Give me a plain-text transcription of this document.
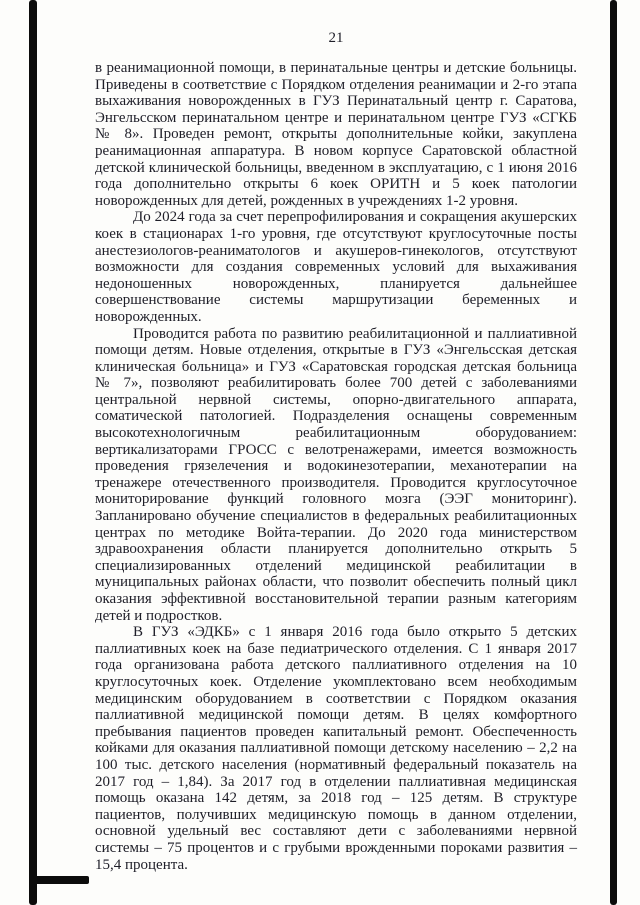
21

в реанимационной помощи, в перинатальные центры и детские больницы. Приведены в соответствие с Порядком отделения реанимации и 2-го этапа выхаживания новорожденных в ГУЗ Перинатальный центр г. Саратова, Энгельсском перинатальном центре и перинатальном центре ГУЗ «СГКБ № 8». Проведен ремонт, открыты дополнительные койки, закуплена реанимационная аппаратура. В новом корпусе Саратовской областной детской клинической больницы, введенном в эксплуатацию, с 1 июня 2016 года дополнительно открыты 6 коек ОРИТН и 5 коек патологии новорожденных для детей, рожденных в учреждениях 1-2 уровня.

До 2024 года за счет перепрофилирования и сокращения акушерских коек в стационарах 1-го уровня, где отсутствуют круглосуточные посты анестезиологов-реаниматологов и акушеров-гинекологов, отсутствуют возможности для создания современных условий для выхаживания недоношенных новорожденных, планируется дальнейшее совершенствование системы маршрутизации беременных и новорожденных.

Проводится работа по развитию реабилитационной и паллиативной помощи детям. Новые отделения, открытые в ГУЗ «Энгельсская детская клиническая больница» и ГУЗ «Саратовская городская детская больница № 7», позволяют реабилитировать более 700 детей с заболеваниями центральной нервной системы, опорно-двигательного аппарата, соматической патологией. Подразделения оснащены современным высокотехнологичным реабилитационным оборудованием: вертикализаторами ГРОСС с велотренажерами, имеется возможность проведения грязелечения и водокинезотерапии, механотерапии на тренажере отечественного производителя. Проводится круглосуточное мониторирование функций головного мозга (ЭЭГ мониторинг). Запланировано обучение специалистов в федеральных реабилитационных центрах по методике Войта-терапии. До 2020 года министерством здравоохранения области планируется дополнительно открыть 5 специализированных отделений медицинской реабилитации в муниципальных районах области, что позволит обеспечить полный цикл оказания эффективной восстановительной терапии разным категориям детей и подростков.

В ГУЗ «ЭДКБ» с 1 января 2016 года было открыто 5 детских паллиативных коек на базе педиатрического отделения. С 1 января 2017 года организована работа детского паллиативного отделения на 10 круглосуточных коек. Отделение укомплектовано всем необходимым медицинским оборудованием в соответствии с Порядком оказания паллиативной медицинской помощи детям. В целях комфортного пребывания пациентов проведен капитальный ремонт. Обеспеченность койками для оказания паллиативной помощи детскому населению – 2,2 на 100 тыс. детского населения (нормативный федеральный показатель на 2017 год – 1,84). За 2017 год в отделении паллиативная медицинская помощь оказана 142 детям, за 2018 год – 125 детям. В структуре пациентов, получивших медицинскую помощь в данном отделении, основной удельный вес составляют дети с заболеваниями нервной системы – 75 процентов и с грубыми врожденными пороками развития – 15,4 процента.
